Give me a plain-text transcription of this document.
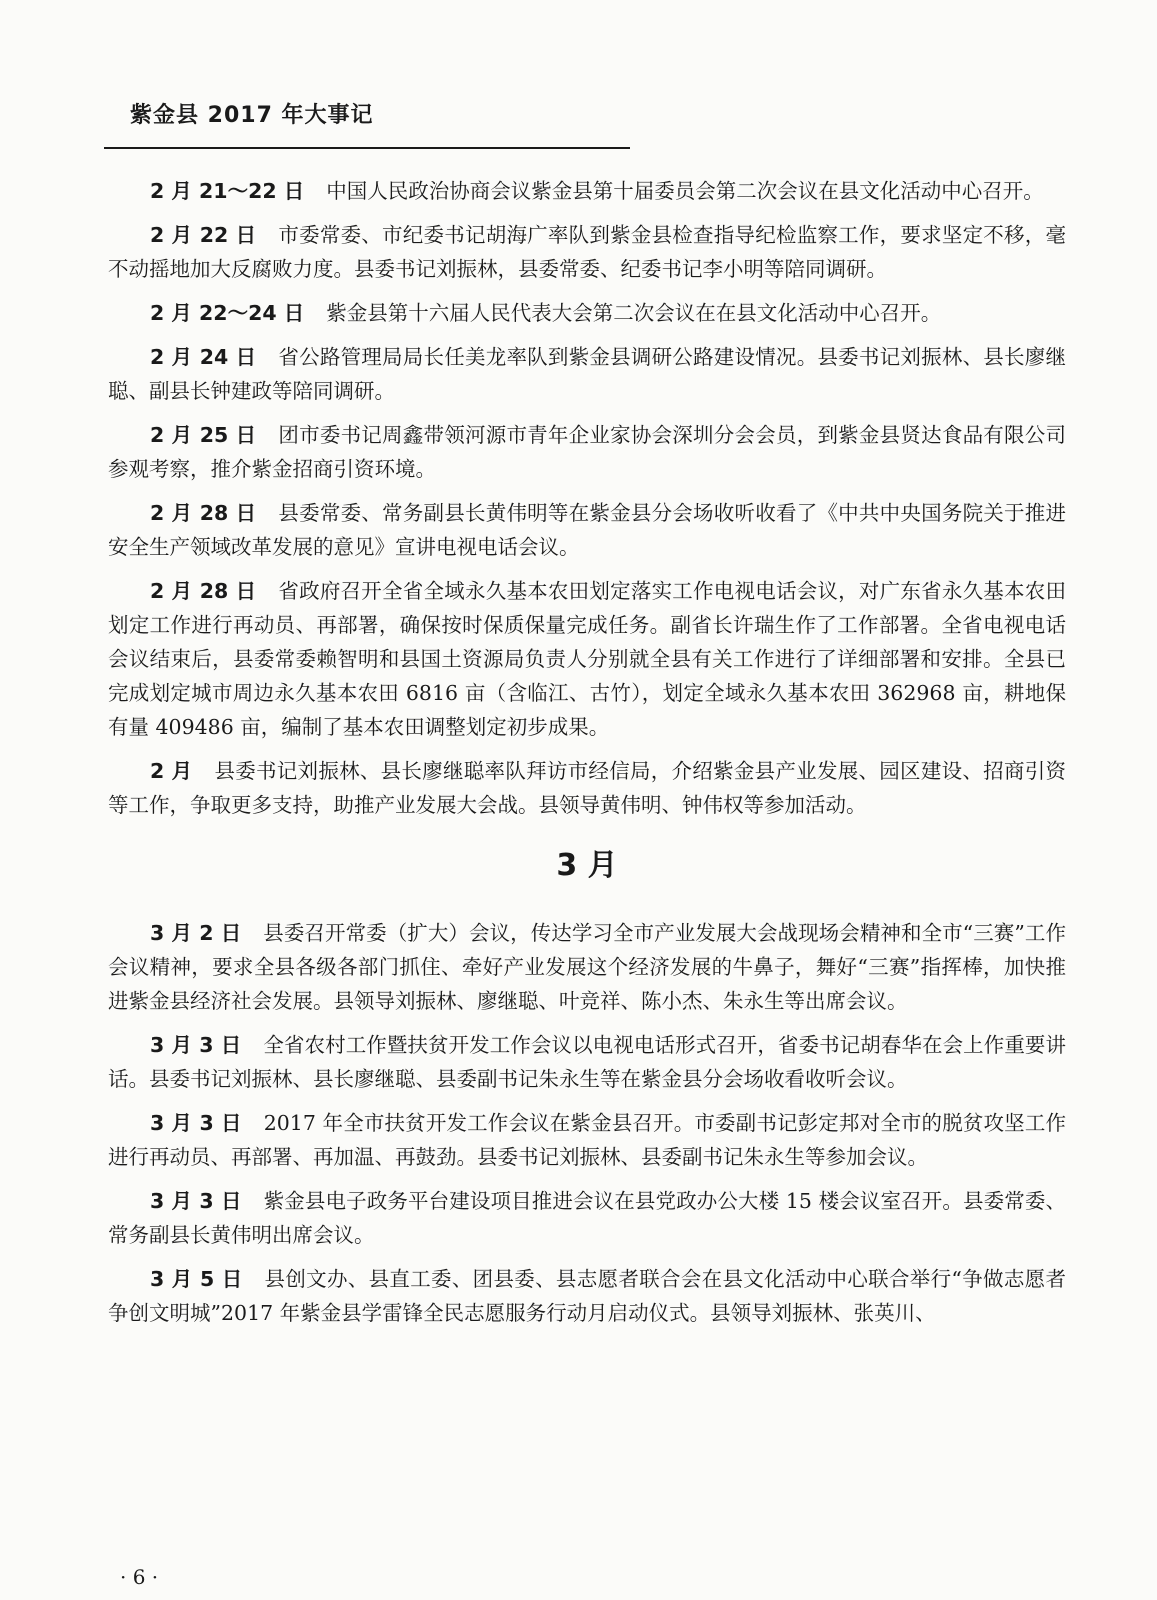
紫金县 2017 年大事记

2 月 21～22 日 中国人民政治协商会议紫金县第十届委员会第二次会议在县文化活动中心召开。

2 月 22 日 市委常委、市纪委书记胡海广率队到紫金县检查指导纪检监察工作，要求坚定不移，毫不动摇地加大反腐败力度。县委书记刘振林，县委常委、纪委书记李小明等陪同调研。

2 月 22～24 日 紫金县第十六届人民代表大会第二次会议在在县文化活动中心召开。

2 月 24 日 省公路管理局局长任美龙率队到紫金县调研公路建设情况。县委书记刘振林、县长廖继聪、副县长钟建政等陪同调研。

2 月 25 日 团市委书记周鑫带领河源市青年企业家协会深圳分会会员，到紫金县贤达食品有限公司参观考察，推介紫金招商引资环境。

2 月 28 日 县委常委、常务副县长黄伟明等在紫金县分会场收听收看了《中共中央国务院关于推进安全生产领域改革发展的意见》宣讲电视电话会议。

2 月 28 日 省政府召开全省全域永久基本农田划定落实工作电视电话会议，对广东省永久基本农田划定工作进行再动员、再部署，确保按时保质保量完成任务。副省长许瑞生作了工作部署。全省电视电话会议结束后，县委常委赖智明和县国土资源局负责人分别就全县有关工作进行了详细部署和安排。全县已完成划定城市周边永久基本农田 6816 亩（含临江、古竹），划定全域永久基本农田 362968 亩，耕地保有量 409486 亩，编制了基本农田调整划定初步成果。

2 月 县委书记刘振林、县长廖继聪率队拜访市经信局，介绍紫金县产业发展、园区建设、招商引资等工作，争取更多支持，助推产业发展大会战。县领导黄伟明、钟伟权等参加活动。

3 月

3 月 2 日 县委召开常委（扩大）会议，传达学习全市产业发展大会战现场会精神和全市“三赛”工作会议精神，要求全县各级各部门抓住、牵好产业发展这个经济发展的牛鼻子，舞好“三赛”指挥棒，加快推进紫金县经济社会发展。县领导刘振林、廖继聪、叶竞祥、陈小杰、朱永生等出席会议。

3 月 3 日 全省农村工作暨扶贫开发工作会议以电视电话形式召开，省委书记胡春华在会上作重要讲话。县委书记刘振林、县长廖继聪、县委副书记朱永生等在紫金县分会场收看收听会议。

3 月 3 日 2017 年全市扶贫开发工作会议在紫金县召开。市委副书记彭定邦对全市的脱贫攻坚工作进行再动员、再部署、再加温、再鼓劲。县委书记刘振林、县委副书记朱永生等参加会议。

3 月 3 日 紫金县电子政务平台建设项目推进会议在县党政办公大楼 15 楼会议室召开。县委常委、常务副县长黄伟明出席会议。

3 月 5 日 县创文办、县直工委、团县委、县志愿者联合会在县文化活动中心联合举行“争做志愿者 争创文明城”2017 年紫金县学雷锋全民志愿服务行动月启动仪式。县领导刘振林、张英川、

· 6 ·
